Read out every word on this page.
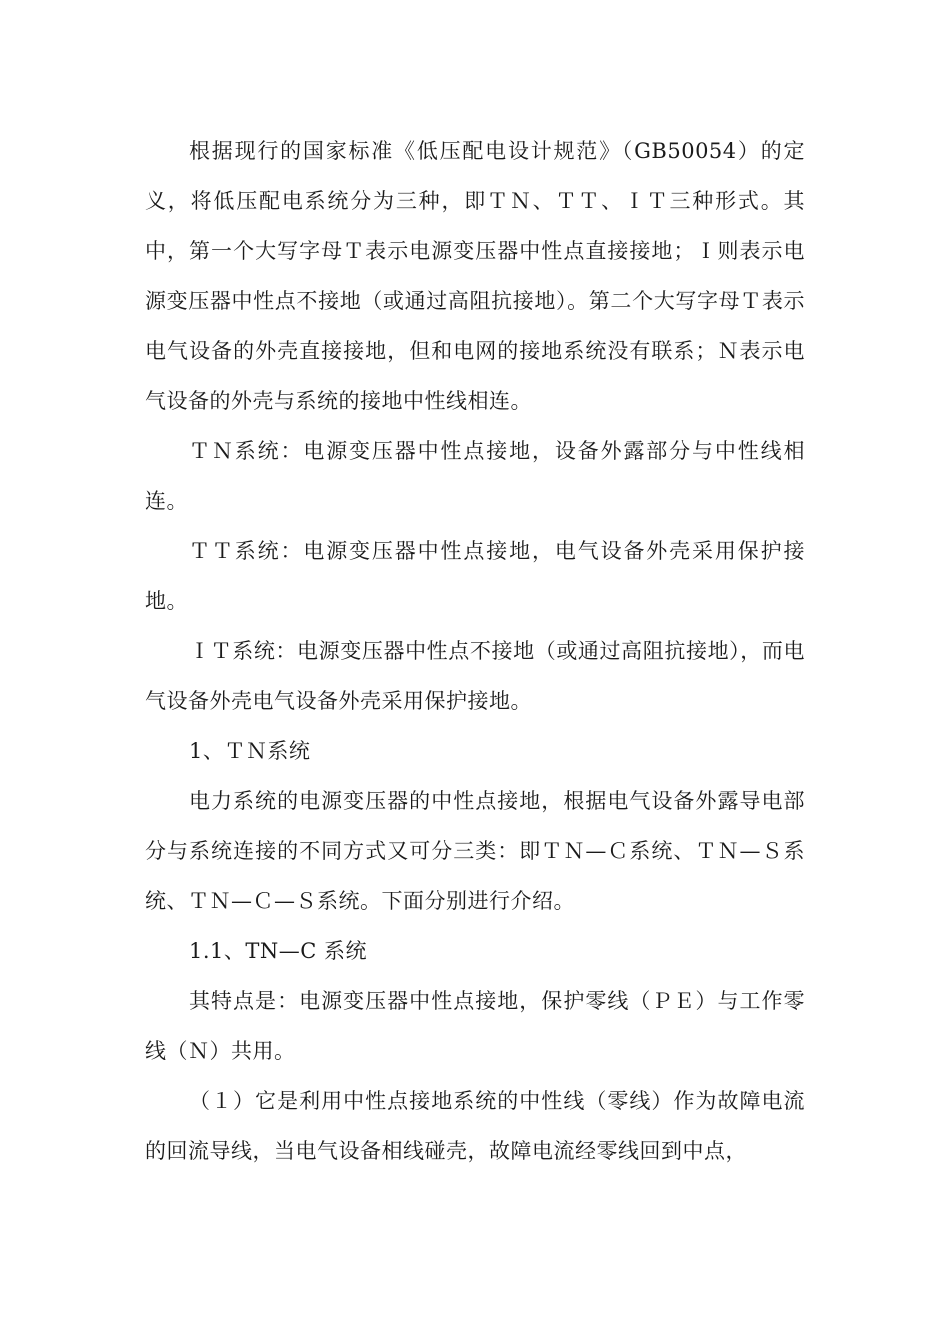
根据现行的国家标准《低压配电设计规范》（GB50054）的定义，将低压配电系统分为三种，即ＴＮ、ＴＴ、ＩＴ三种形式。其中，第一个大写字母Ｔ表示电源变压器中性点直接接地；Ｉ则表示电源变压器中性点不接地（或通过高阻抗接地）。第二个大写字母Ｔ表示电气设备的外壳直接接地，但和电网的接地系统没有联系；Ｎ表示电气设备的外壳与系统的接地中性线相连。

ＴＮ系统：电源变压器中性点接地，设备外露部分与中性线相连。

ＴＴ系统：电源变压器中性点接地，电气设备外壳采用保护接地。

ＩＴ系统：电源变压器中性点不接地（或通过高阻抗接地），而电气设备外壳电气设备外壳采用保护接地。

1、ＴＮ系统

电力系统的电源变压器的中性点接地，根据电气设备外露导电部分与系统连接的不同方式又可分三类：即ＴＮ—Ｃ系统、ＴＮ—Ｓ系统、ＴＮ—Ｃ—Ｓ系统。下面分别进行介绍。

1.1、TN—C 系统

其特点是：电源变压器中性点接地，保护零线（ＰＥ）与工作零线（Ｎ）共用。

（１）它是利用中性点接地系统的中性线（零线）作为故障电流的回流导线，当电气设备相线碰壳，故障电流经零线回到中点，
